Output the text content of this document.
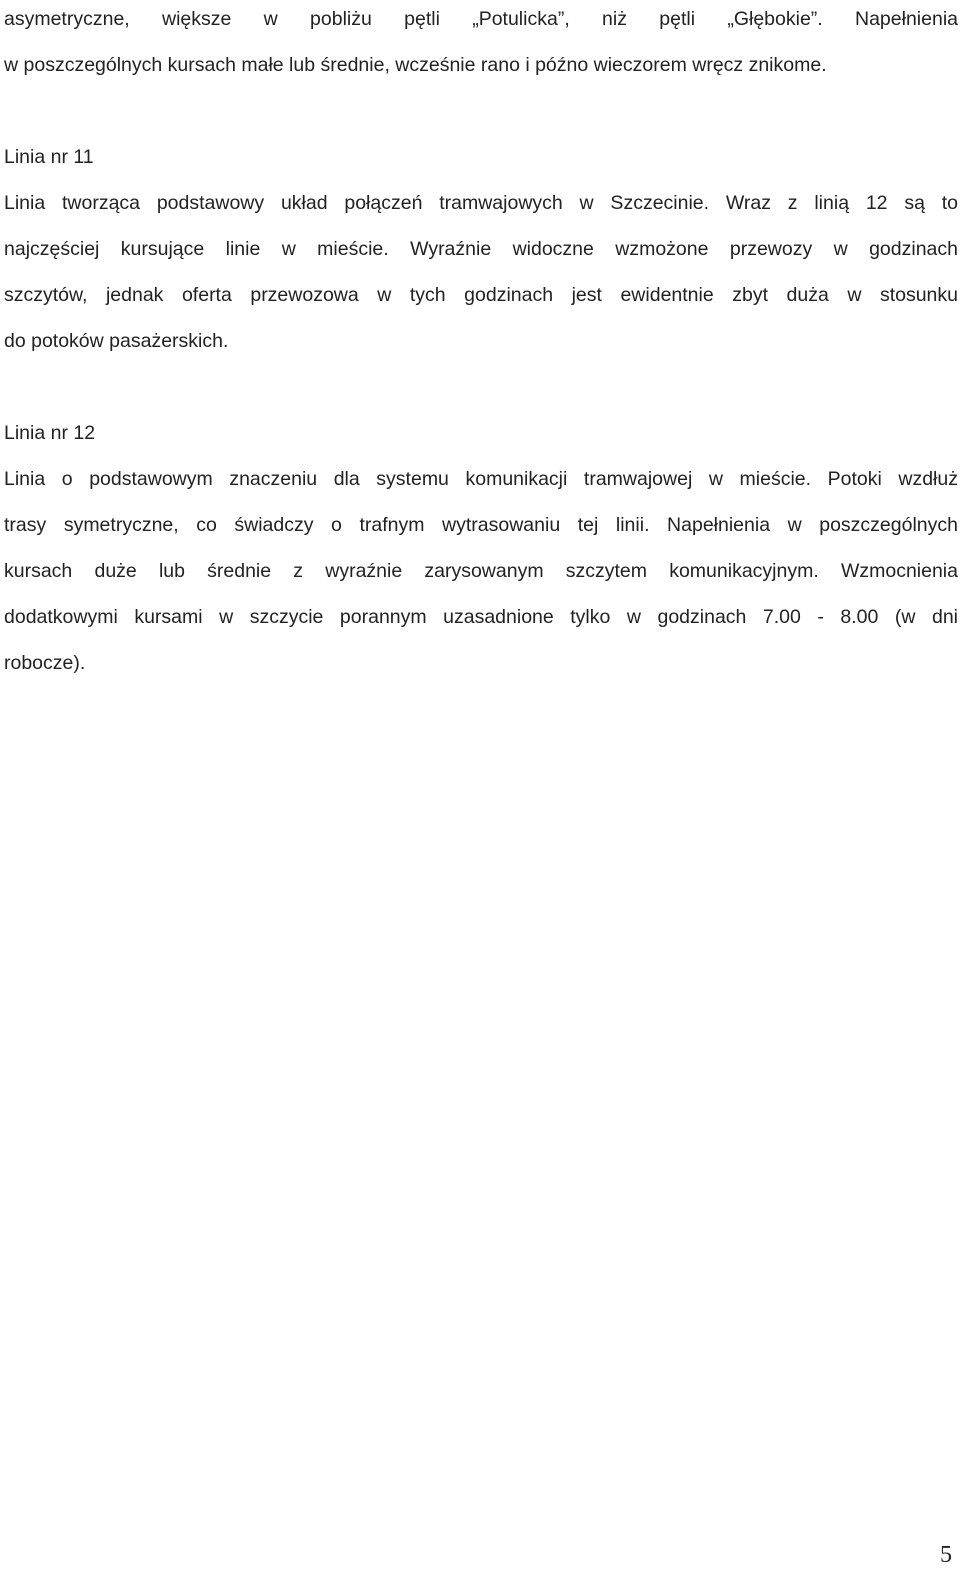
asymetryczne, większe w pobliżu pętli „Potulicka”, niż pętli „Głębokie”. Napełnienia
w poszczególnych kursach małe lub średnie, wcześnie rano i późno wieczorem wręcz znikome.

Linia nr 11

Linia tworząca podstawowy układ połączeń tramwajowych w Szczecinie. Wraz z linią 12 są to
najczęściej kursujące linie w mieście. Wyraźnie widoczne wzmożone przewozy w godzinach
szczytów, jednak oferta przewozowa w tych godzinach jest ewidentnie zbyt duża w stosunku
do potoków pasażerskich.

Linia nr 12

Linia o podstawowym znaczeniu dla systemu komunikacji tramwajowej w mieście. Potoki wzdłuż
trasy symetryczne, co świadczy o trafnym wytrasowaniu tej linii. Napełnienia w poszczególnych
kursach duże lub średnie z wyraźnie zarysowanym szczytem komunikacyjnym. Wzmocnienia
dodatkowymi kursami w szczycie porannym uzasadnione tylko w godzinach 7.00 - 8.00 (w dni
robocze).

5
